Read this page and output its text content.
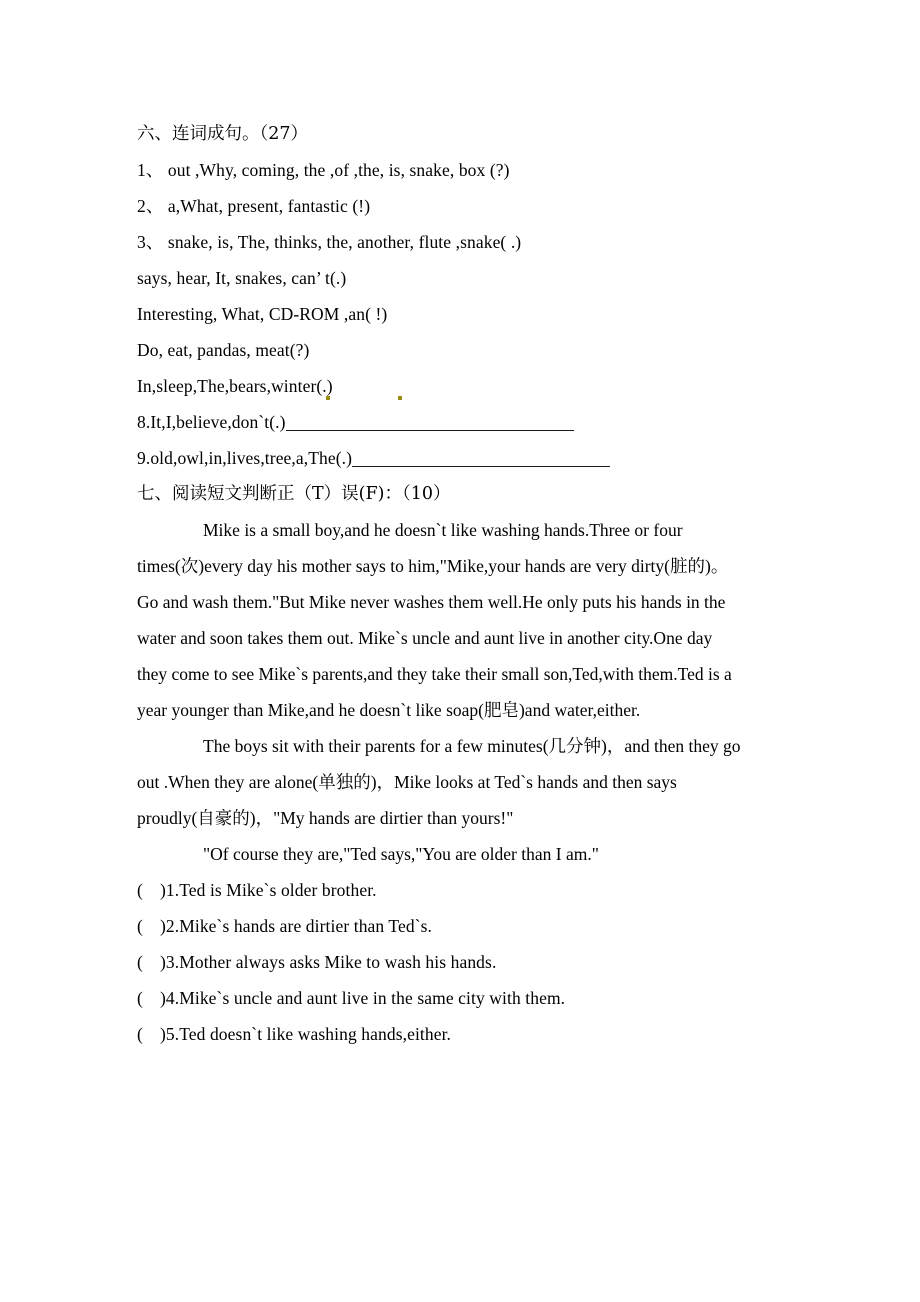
六、连词成句。（27）
1、 out ,Why, coming, the ,of ,the, is, snake, box (?)
2、 a,What, present, fantastic (!)
3、 snake, is, The, thinks, the, another, flute ,snake( .)
says, hear, It, snakes, can’ t(.)
Interesting, What, CD-ROM ,an( !)
Do, eat, pandas, meat(?)
In,sleep,The,bears,winter(.)
8.It,I,believe,don`t(.)
9.old,owl,in,lives,tree,a,The(.)
七、阅读短文判断正（T）误(F)：（10）
Mike is a small boy,and he doesn`t like washing hands.Three or four
times(次)every day his mother says to him,"Mike,your hands are very dirty(脏的)。
Go and wash them."But Mike never washes them well.He only puts his hands in the
water and soon takes them out. Mike`s uncle and aunt live in another city.One day
they come to see Mike`s parents,and they take their small son,Ted,with them.Ted is a
year younger than Mike,and he doesn`t like soap(肥皂)and water,either.
The boys sit with their parents for a few minutes(几分钟)，and then they go
out .When they are alone(单独的)，Mike looks at Ted`s hands and then says
proudly(自豪的)，"My hands are dirtier than yours!"
"Of course they are,"Ted says,"You are older than I am."
( )1.Ted is Mike`s older brother.
( )2.Mike`s hands are dirtier than Ted`s.
( )3.Mother always asks Mike to wash his hands.
( )4.Mike`s uncle and aunt live in the same city with them.
( )5.Ted doesn`t like washing hands,either.
